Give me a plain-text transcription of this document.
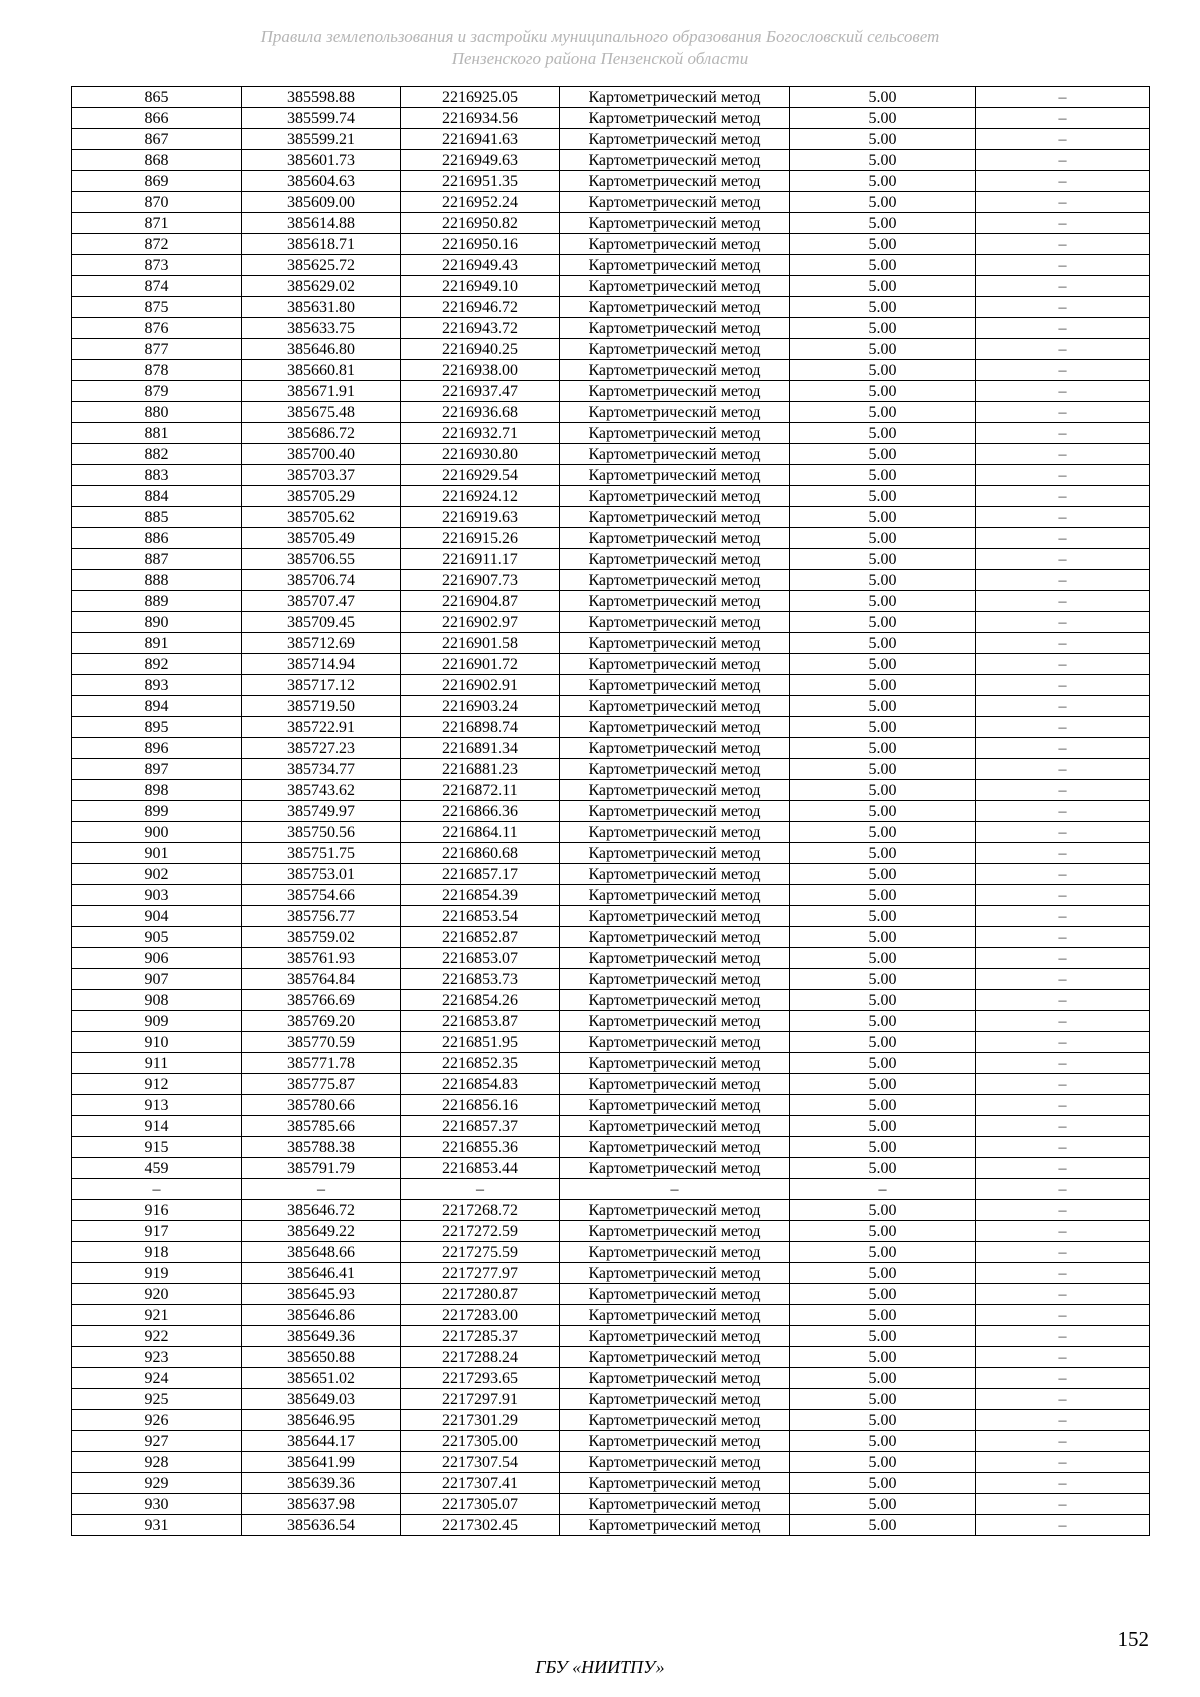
Правила землепользования и застройки муниципального образования Богословский сельсовет
Пензенского района Пензенской области
865	385598.88	2216925.05	Картометрический метод	5.00	–
866	385599.74	2216934.56	Картометрический метод	5.00	–
867	385599.21	2216941.63	Картометрический метод	5.00	–
868	385601.73	2216949.63	Картометрический метод	5.00	–
869	385604.63	2216951.35	Картометрический метод	5.00	–
870	385609.00	2216952.24	Картометрический метод	5.00	–
871	385614.88	2216950.82	Картометрический метод	5.00	–
872	385618.71	2216950.16	Картометрический метод	5.00	–
873	385625.72	2216949.43	Картометрический метод	5.00	–
874	385629.02	2216949.10	Картометрический метод	5.00	–
875	385631.80	2216946.72	Картометрический метод	5.00	–
876	385633.75	2216943.72	Картометрический метод	5.00	–
877	385646.80	2216940.25	Картометрический метод	5.00	–
878	385660.81	2216938.00	Картометрический метод	5.00	–
879	385671.91	2216937.47	Картометрический метод	5.00	–
880	385675.48	2216936.68	Картометрический метод	5.00	–
881	385686.72	2216932.71	Картометрический метод	5.00	–
882	385700.40	2216930.80	Картометрический метод	5.00	–
883	385703.37	2216929.54	Картометрический метод	5.00	–
884	385705.29	2216924.12	Картометрический метод	5.00	–
885	385705.62	2216919.63	Картометрический метод	5.00	–
886	385705.49	2216915.26	Картометрический метод	5.00	–
887	385706.55	2216911.17	Картометрический метод	5.00	–
888	385706.74	2216907.73	Картометрический метод	5.00	–
889	385707.47	2216904.87	Картометрический метод	5.00	–
890	385709.45	2216902.97	Картометрический метод	5.00	–
891	385712.69	2216901.58	Картометрический метод	5.00	–
892	385714.94	2216901.72	Картометрический метод	5.00	–
893	385717.12	2216902.91	Картометрический метод	5.00	–
894	385719.50	2216903.24	Картометрический метод	5.00	–
895	385722.91	2216898.74	Картометрический метод	5.00	–
896	385727.23	2216891.34	Картометрический метод	5.00	–
897	385734.77	2216881.23	Картометрический метод	5.00	–
898	385743.62	2216872.11	Картометрический метод	5.00	–
899	385749.97	2216866.36	Картометрический метод	5.00	–
900	385750.56	2216864.11	Картометрический метод	5.00	–
901	385751.75	2216860.68	Картометрический метод	5.00	–
902	385753.01	2216857.17	Картометрический метод	5.00	–
903	385754.66	2216854.39	Картометрический метод	5.00	–
904	385756.77	2216853.54	Картометрический метод	5.00	–
905	385759.02	2216852.87	Картометрический метод	5.00	–
906	385761.93	2216853.07	Картометрический метод	5.00	–
907	385764.84	2216853.73	Картометрический метод	5.00	–
908	385766.69	2216854.26	Картометрический метод	5.00	–
909	385769.20	2216853.87	Картометрический метод	5.00	–
910	385770.59	2216851.95	Картометрический метод	5.00	–
911	385771.78	2216852.35	Картометрический метод	5.00	–
912	385775.87	2216854.83	Картометрический метод	5.00	–
913	385780.66	2216856.16	Картометрический метод	5.00	–
914	385785.66	2216857.37	Картометрический метод	5.00	–
915	385788.38	2216855.36	Картометрический метод	5.00	–
459	385791.79	2216853.44	Картометрический метод	5.00	–
–	–	–	–	–	–
916	385646.72	2217268.72	Картометрический метод	5.00	–
917	385649.22	2217272.59	Картометрический метод	5.00	–
918	385648.66	2217275.59	Картометрический метод	5.00	–
919	385646.41	2217277.97	Картометрический метод	5.00	–
920	385645.93	2217280.87	Картометрический метод	5.00	–
921	385646.86	2217283.00	Картометрический метод	5.00	–
922	385649.36	2217285.37	Картометрический метод	5.00	–
923	385650.88	2217288.24	Картометрический метод	5.00	–
924	385651.02	2217293.65	Картометрический метод	5.00	–
925	385649.03	2217297.91	Картометрический метод	5.00	–
926	385646.95	2217301.29	Картометрический метод	5.00	–
927	385644.17	2217305.00	Картометрический метод	5.00	–
928	385641.99	2217307.54	Картометрический метод	5.00	–
929	385639.36	2217307.41	Картометрический метод	5.00	–
930	385637.98	2217305.07	Картометрический метод	5.00	–
931	385636.54	2217302.45	Картометрический метод	5.00	–
152
ГБУ «НИИТПУ»
